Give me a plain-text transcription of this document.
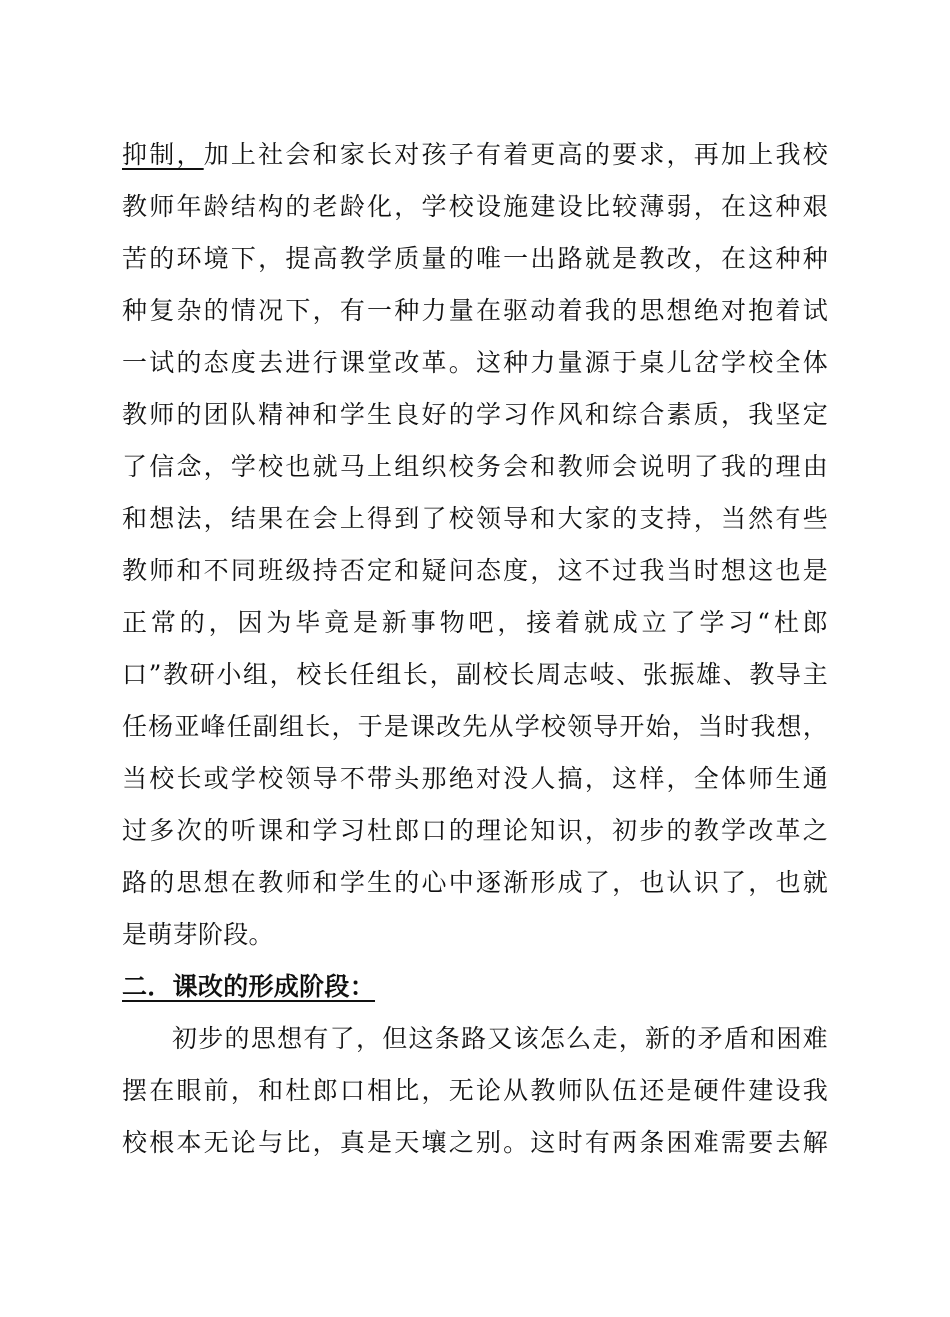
抑制，加上社会和家长对孩子有着更高的要求，再加上我校
教师年龄结构的老龄化，学校设施建设比较薄弱，在这种艰
苦的环境下，提高教学质量的唯一出路就是教改，在这种种
种复杂的情况下，有一种力量在驱动着我的思想绝对抱着试
一试的态度去进行课堂改革。这种力量源于桌儿岔学校全体
教师的团队精神和学生良好的学习作风和综合素质，我坚定
了信念，学校也就马上组织校务会和教师会说明了我的理由
和想法，结果在会上得到了校领导和大家的支持，当然有些
教师和不同班级持否定和疑问态度，这不过我当时想这也是
正常的，因为毕竟是新事物吧，接着就成立了学习“杜郎
口”教研小组，校长任组长，副校长周志岐、张振雄、教导主
任杨亚峰任副组长，于是课改先从学校领导开始，当时我想，
当校长或学校领导不带头那绝对没人搞，这样，全体师生通
过多次的听课和学习杜郎口的理论知识，初步的教学改革之
路的思想在教师和学生的心中逐渐形成了，也认识了，也就
是萌芽阶段。
二．课改的形成阶段：
初步的思想有了，但这条路又该怎么走，新的矛盾和困难
摆在眼前，和杜郎口相比，无论从教师队伍还是硬件建设我
校根本无论与比，真是天壤之别。这时有两条困难需要去解
